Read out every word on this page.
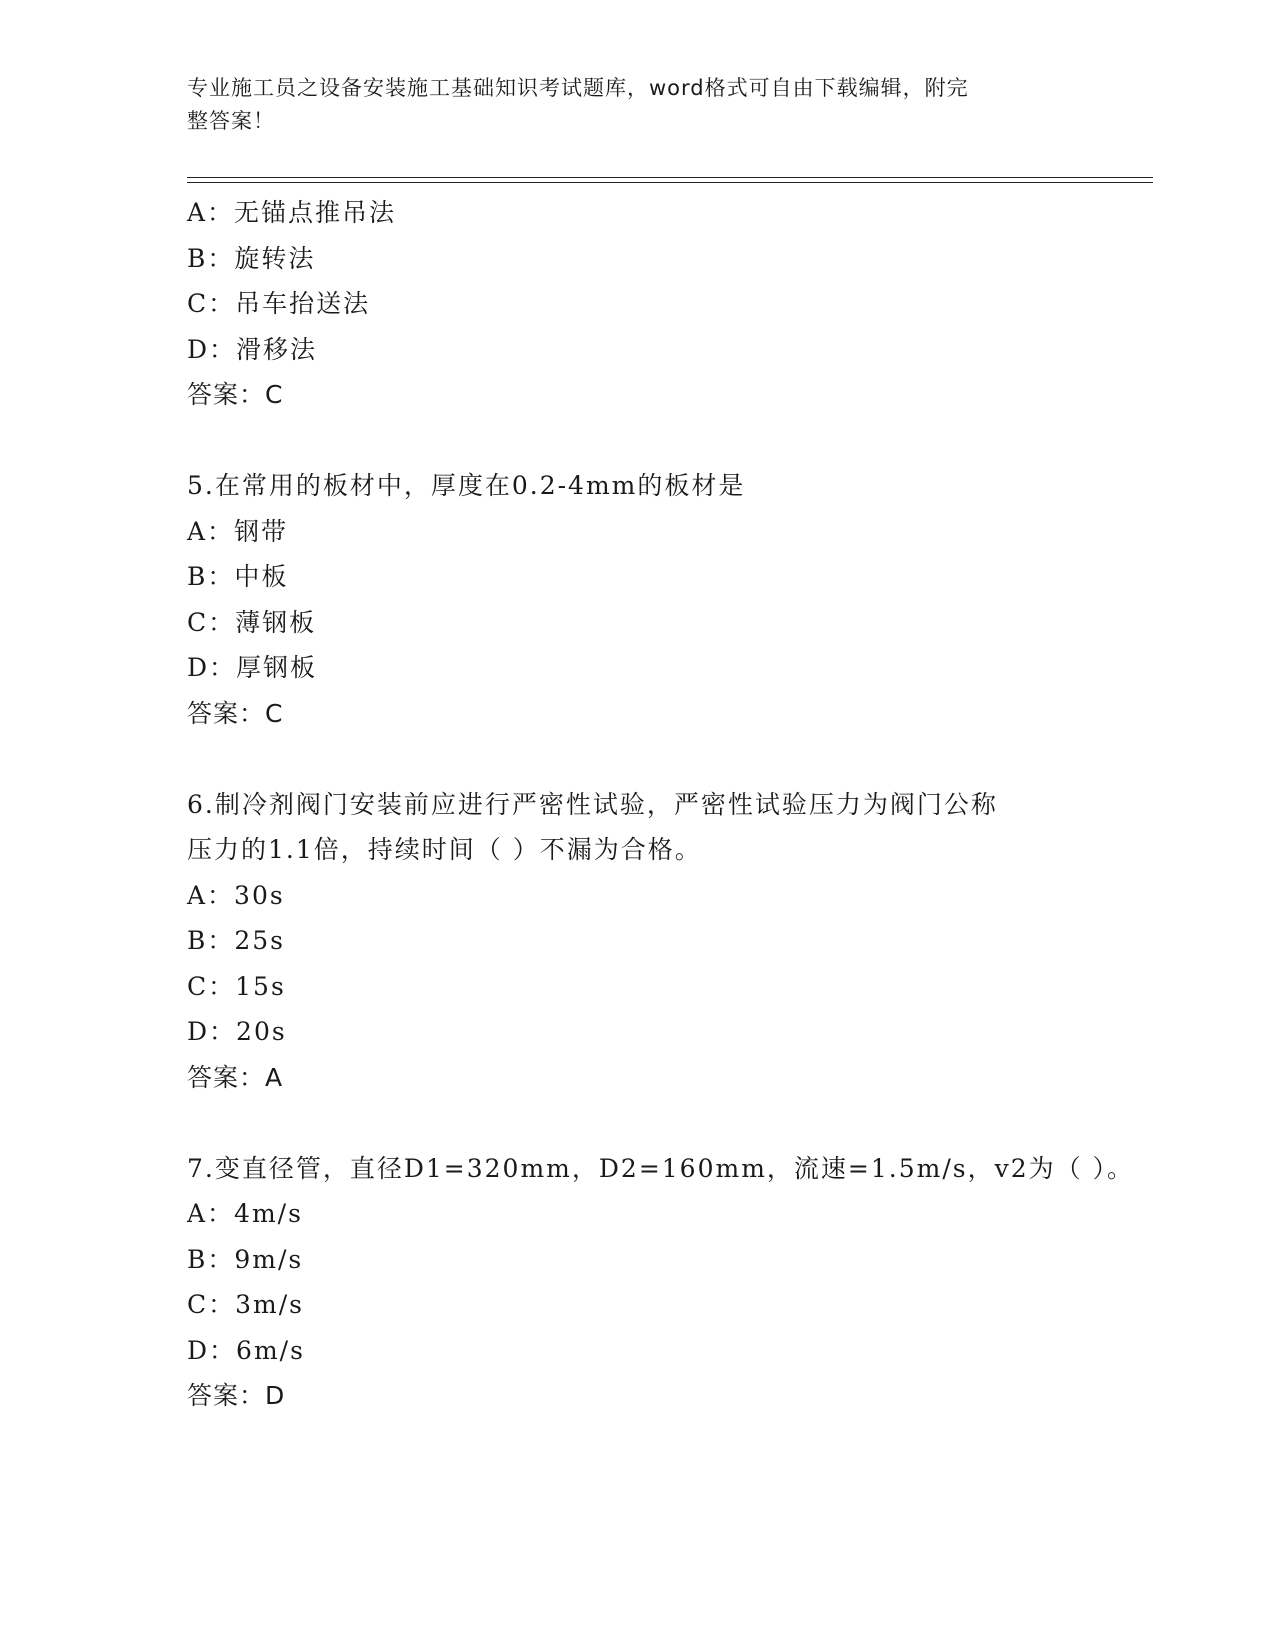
专业施工员之设备安装施工基础知识考试题库，word格式可自由下载编辑，附完
整答案！
A：无锚点推吊法
B：旋转法
C：吊车抬送法
D：滑移法
答案：C
5.在常用的板材中，厚度在0.2-4mm的板材是
A：钢带
B：中板
C：薄钢板
D：厚钢板
答案：C
6.制冷剂阀门安装前应进行严密性试验，严密性试验压力为阀门公称
压力的1.1倍，持续时间（ ）不漏为合格。
A：30s
B：25s
C：15s
D：20s
答案：A
7.变直径管，直径D1=320mm，D2=160mm，流速=1.5m/s，v2为（ ）。
A：4m/s
B：9m/s
C：3m/s
D：6m/s
答案：D
